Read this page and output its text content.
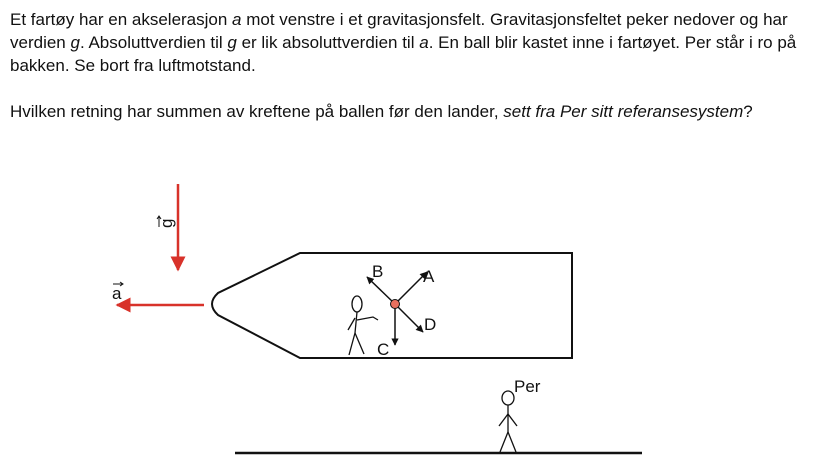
Et fartøy har en akselerasjon a mot venstre i et gravitasjonsfelt. Gravitasjonsfeltet peker nedover og har verdien g. Absoluttverdien til g er lik absoluttverdien til a. En ball blir kastet inne i fartøyet. Per står i ro på bakken. Se bort fra luftmotstand.

Hvilken retning har summen av kreftene på ballen før den lander, sett fra Per sitt referansesystem?

g
a
A
B
C
D
Per
